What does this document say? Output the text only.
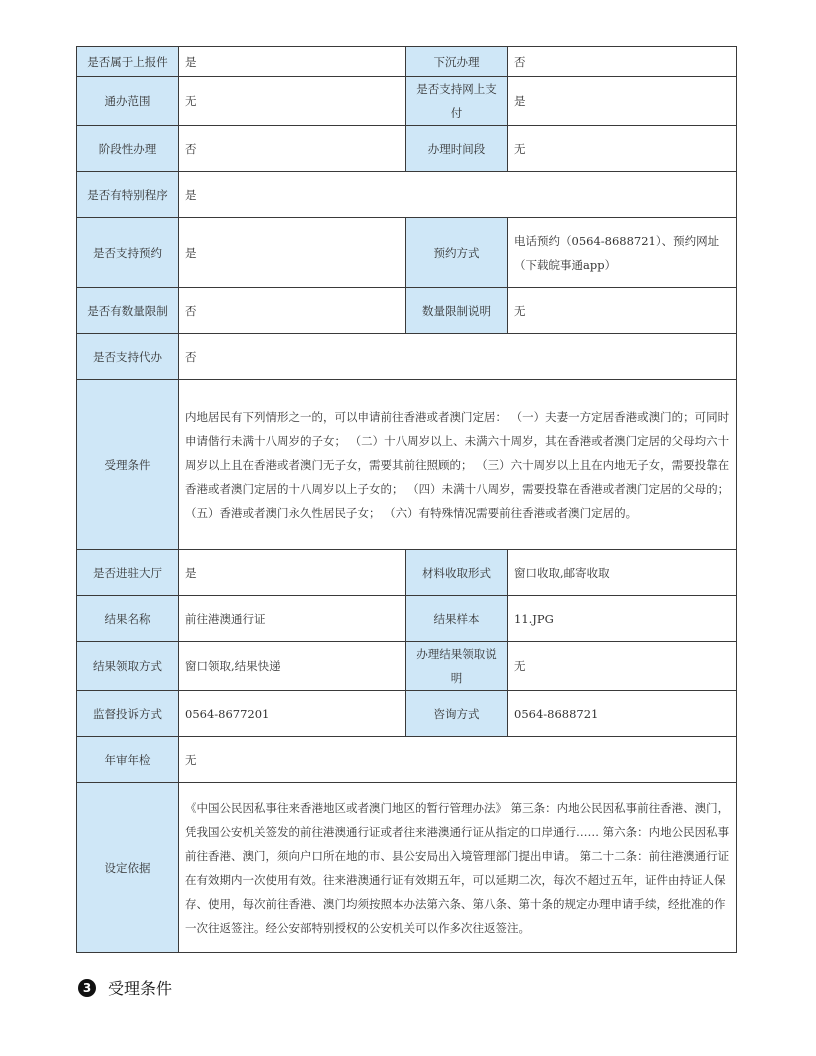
是否属于上报件	是	下沉办理	否
通办范围	无	是否支持网上支付	是
阶段性办理	否	办理时间段	无
是否有特别程序	是		
是否支持预约	是	预约方式	电话预约（0564-8688721）、预约网址（下载皖事通app）
是否有数量限制	否	数量限制说明	无
是否支持代办	否		
受理条件	内地居民有下列情形之一的，可以申请前往香港或者澳门定居： （一）夫妻一方定居香港或澳门的；可同时申请偕行未满十八周岁的子女； （二）十八周岁以上、未满六十周岁，其在香港或者澳门定居的父母均六十周岁以上且在香港或者澳门无子女，需要其前往照顾的； （三）六十周岁以上且在内地无子女，需要投靠在香港或者澳门定居的十八周岁以上子女的； （四）未满十八周岁，需要投靠在香港或者澳门定居的父母的； （五）香港或者澳门永久性居民子女； （六）有特殊情况需要前往香港或者澳门定居的。		
是否进驻大厅	是	材料收取形式	窗口收取,邮寄收取
结果名称	前往港澳通行证	结果样本	11.JPG
结果领取方式	窗口领取,结果快递	办理结果领取说明	无
监督投诉方式	0564-8677201	咨询方式	0564-8688721
年审年检	无		
设定依据	《中国公民因私事往来香港地区或者澳门地区的暂行管理办法》 第三条：内地公民因私事前往香港、澳门，凭我国公安机关签发的前往港澳通行证或者往来港澳通行证从指定的口岸通行…… 第六条：内地公民因私事前往香港、澳门，须向户口所在地的市、县公安局出入境管理部门提出申请。 第二十二条：前往港澳通行证在有效期内一次使用有效。往来港澳通行证有效期五年，可以延期二次，每次不超过五年，证件由持证人保存、使用，每次前往香港、澳门均须按照本办法第六条、第八条、第十条的规定办理申请手续，经批准的作一次往返签注。经公安部特别授权的公安机关可以作多次往返签注。		
3	受理条件
